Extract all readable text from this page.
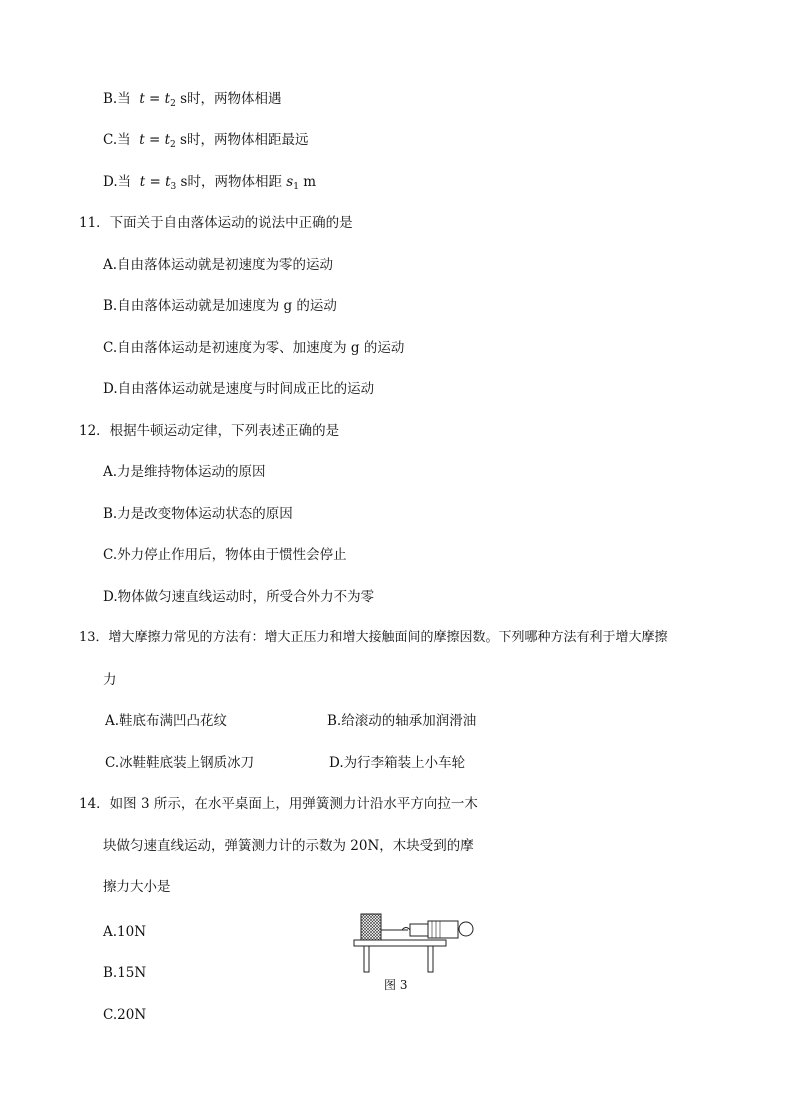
B.当 $t = t_2$ s时，两物体相遇
C.当 $t = t_2$ s时，两物体相距最远
D.当 $t = t_3$ s时，两物体相距 $s_1$ m
11．下面关于自由落体运动的说法中正确的是
A.自由落体运动就是初速度为零的运动
B.自由落体运动就是加速度为 g 的运动
C.自由落体运动是初速度为零、加速度为 g 的运动
D.自由落体运动就是速度与时间成正比的运动
12．根据牛顿运动定律，下列表述正确的是
A.力是维持物体运动的原因
B.力是改变物体运动状态的原因
C.外力停止作用后，物体由于惯性会停止
D.物体做匀速直线运动时，所受合外力不为零
13．增大摩擦力常见的方法有：增大正压力和增大接触面间的摩擦因数。下列哪种方法有利于增大摩擦
力
A.鞋底布满凹凸花纹	B.给滚动的轴承加润滑油
C.冰鞋鞋底装上钢质冰刀	D.为行李箱装上小车轮
14．如图 3 所示，在水平桌面上，用弹簧测力计沿水平方向拉一木
块做匀速直线运动，弹簧测力计的示数为 20N，木块受到的摩
擦力大小是
A.10N
B.15N
C.20N
图 3
